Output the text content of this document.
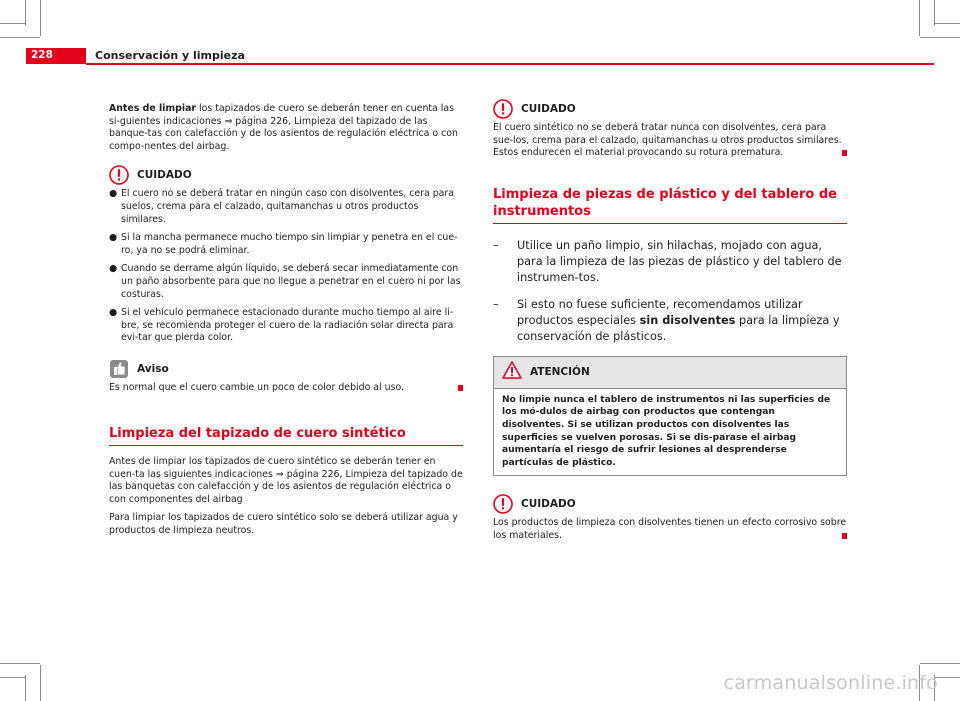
228	Conservación y limpieza

Antes de limpiar los tapizados de cuero se deberán tener en cuenta las si-guientes indicaciones ⇒ página 226, Limpieza del tapizado de las banque-tas con calefacción y de los asientos de regulación eléctrica o con compo-nentes del airbag.

CUIDADO
● El cuero no se deberá tratar en ningún caso con disolventes, cera para suelos, crema para el calzado, quitamanchas u otros productos similares.
● Si la mancha permanece mucho tiempo sin limpiar y penetra en el cue-ro, ya no se podrá eliminar.
● Cuando se derrame algún líquido, se deberá secar inmediatamente con un paño absorbente para que no llegue a penetrar en el cuero ni por las costuras.
● Si el vehículo permanece estacionado durante mucho tiempo al aire li-bre, se recomienda proteger el cuero de la radiación solar directa para evi-tar que pierda color.
Aviso

Es normal que el cuero cambie un poco de color debido al uso.

Limpieza del tapizado de cuero sintético

Antes de limpiar los tapizados de cuero sintético se deberán tener en cuen-ta las siguientes indicaciones ⇒ página 226, Limpieza del tapizado de las banquetas con calefacción y de los asientos de regulación eléctrica o con componentes del airbag

Para limpiar los tapizados de cuero sintético solo se deberá utilizar agua y productos de limpieza neutros.

CUIDADO

El cuero sintético no se deberá tratar nunca con disolventes, cera para sue-los, crema para el calzado, quitamanchas u otros productos similares. Estos endurecen el material provocando su rotura prematura.

Limpieza de piezas de plástico y del tablero de instrumentos
–	Utilice un paño limpio, sin hilachas, mojado con agua, para la limpieza de las piezas de plástico y del tablero de instrumen-tos.
–	Si esto no fuese suficiente, recomendamos utilizar productos especiales sin disolventes para la limpieza y conservación de plásticos.
ATENCIÓN
No limpie nunca el tablero de instrumentos ni las superficies de los mó-dulos de airbag con productos que contengan disolventes. Si se utilizan productos con disolventes las superficies se vuelven porosas. Si se dis-parase el airbag aumentaría el riesgo de sufrir lesiones al desprenderse partículas de plástico.
CUIDADO

Los productos de limpieza con disolventes tienen un efecto corrosivo sobre los materiales.

carmanualsonline.info
